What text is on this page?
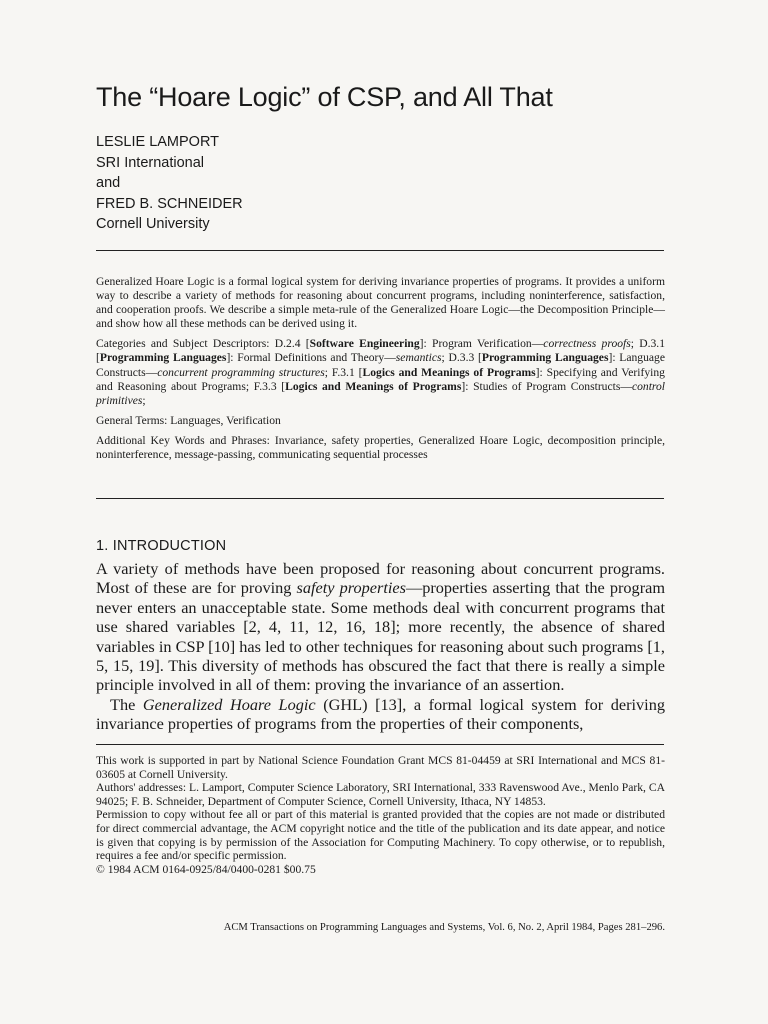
The “Hoare Logic” of CSP, and All That
LESLIE LAMPORT
SRI International
and
FRED B. SCHNEIDER
Cornell University

Generalized Hoare Logic is a formal logical system for deriving invariance properties of programs. It provides a uniform way to describe a variety of methods for reasoning about concurrent programs, including noninterference, satisfaction, and cooperation proofs. We describe a simple meta-rule of the Generalized Hoare Logic—the Decomposition Principle—and show how all these methods can be derived using it.

Categories and Subject Descriptors: D.2.4 [Software Engineering]: Program Verification—correctness proofs; D.3.1 [Programming Languages]: Formal Definitions and Theory—semantics; D.3.3 [Programming Languages]: Language Constructs—concurrent programming structures; F.3.1 [Logics and Meanings of Programs]: Specifying and Verifying and Reasoning about Programs; F.3.3 [Logics and Meanings of Programs]: Studies of Program Constructs—control primitives;

General Terms: Languages, Verification

Additional Key Words and Phrases: Invariance, safety properties, Generalized Hoare Logic, decomposition principle, noninterference, message-passing, communicating sequential processes

1. INTRODUCTION

A variety of methods have been proposed for reasoning about concurrent programs. Most of these are for proving safety properties—properties asserting that the program never enters an unacceptable state. Some methods deal with concurrent programs that use shared variables [2, 4, 11, 12, 16, 18]; more recently, the absence of shared variables in CSP [10] has led to other techniques for reasoning about such programs [1, 5, 15, 19]. This diversity of methods has obscured the fact that there is really a simple principle involved in all of them: proving the invariance of an assertion.

The Generalized Hoare Logic (GHL) [13], a formal logical system for deriving invariance properties of programs from the properties of their components,

This work is supported in part by National Science Foundation Grant MCS 81-04459 at SRI International and MCS 81-03605 at Cornell University.

Authors' addresses: L. Lamport, Computer Science Laboratory, SRI International, 333 Ravenswood Ave., Menlo Park, CA 94025; F. B. Schneider, Department of Computer Science, Cornell University, Ithaca, NY 14853.

Permission to copy without fee all or part of this material is granted provided that the copies are not made or distributed for direct commercial advantage, the ACM copyright notice and the title of the publication and its date appear, and notice is given that copying is by permission of the Association for Computing Machinery. To copy otherwise, or to republish, requires a fee and/or specific permission.

© 1984 ACM 0164-0925/84/0400-0281 $00.75

ACM Transactions on Programming Languages and Systems, Vol. 6, No. 2, April 1984, Pages 281–296.
